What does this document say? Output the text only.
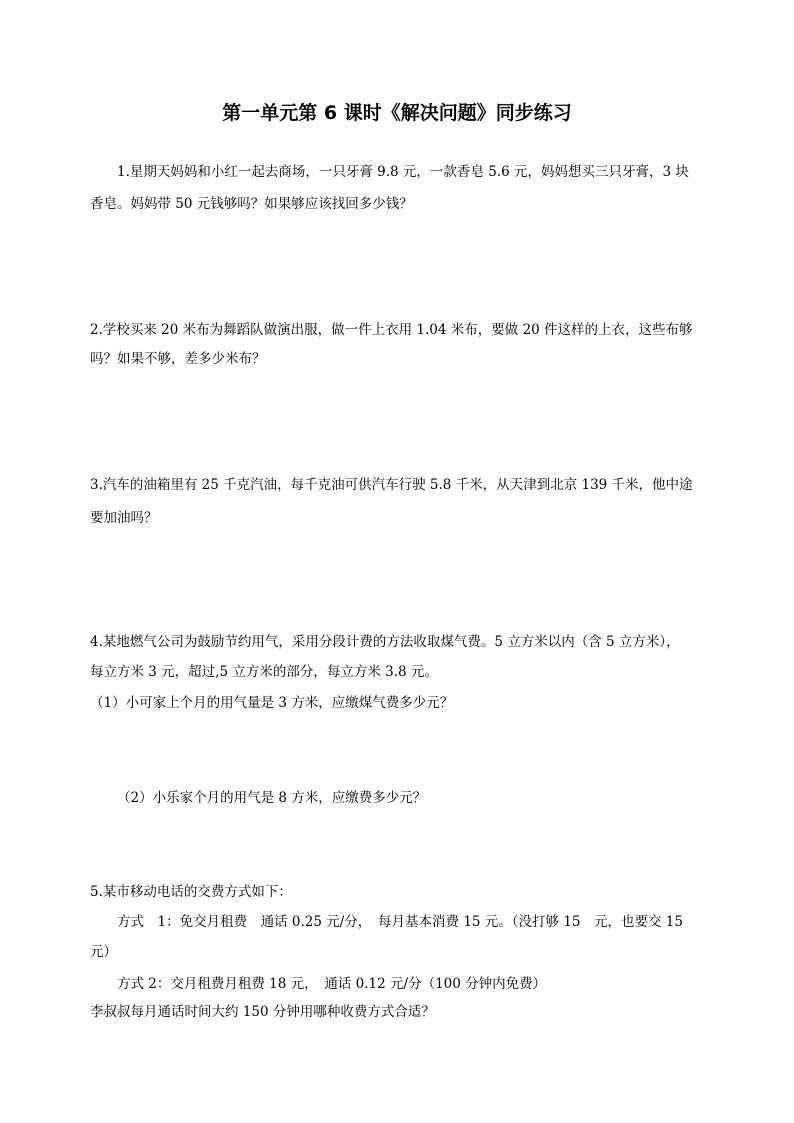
第一单元第 6 课时《解决问题》同步练习
1.星期天妈妈和小红一起去商场，一只牙膏 9.8 元，一款香皂 5.6 元，妈妈想买三只牙膏，3 块
香皂。妈妈带 50 元钱够吗？如果够应该找回多少钱？
2.学校买来 20 米布为舞蹈队做演出服，做一件上衣用 1.04 米布，要做 20 件这样的上衣，这些布够
吗？如果不够，差多少米布？
3.汽车的油箱里有 25 千克汽油，每千克油可供汽车行驶 5.8 千米，从天津到北京 139 千米，他中途
要加油吗？
4.某地燃气公司为鼓励节约用气，采用分段计费的方法收取煤气费。5 立方米以内（含 5 立方米），
每立方米 3 元，超过,5 立方米的部分，每立方米 3.8 元。
（1）小可家上个月的用气量是 3 方米，应缴煤气费多少元？
（2）小乐家个月的用气是 8 方米，应缴费多少元？
5.某市移动电话的交费方式如下：
方式　1：免交月租费　通话 0.25 元/分，　每月基本消费 15 元。（没打够 15　元，也要交 15
元）
方式 2：交月租费月租费 18 元，　通话 0.12 元/分（100 分钟内免费）
李叔叔每月通话时间大约 150 分钟用哪种收费方式合适？
